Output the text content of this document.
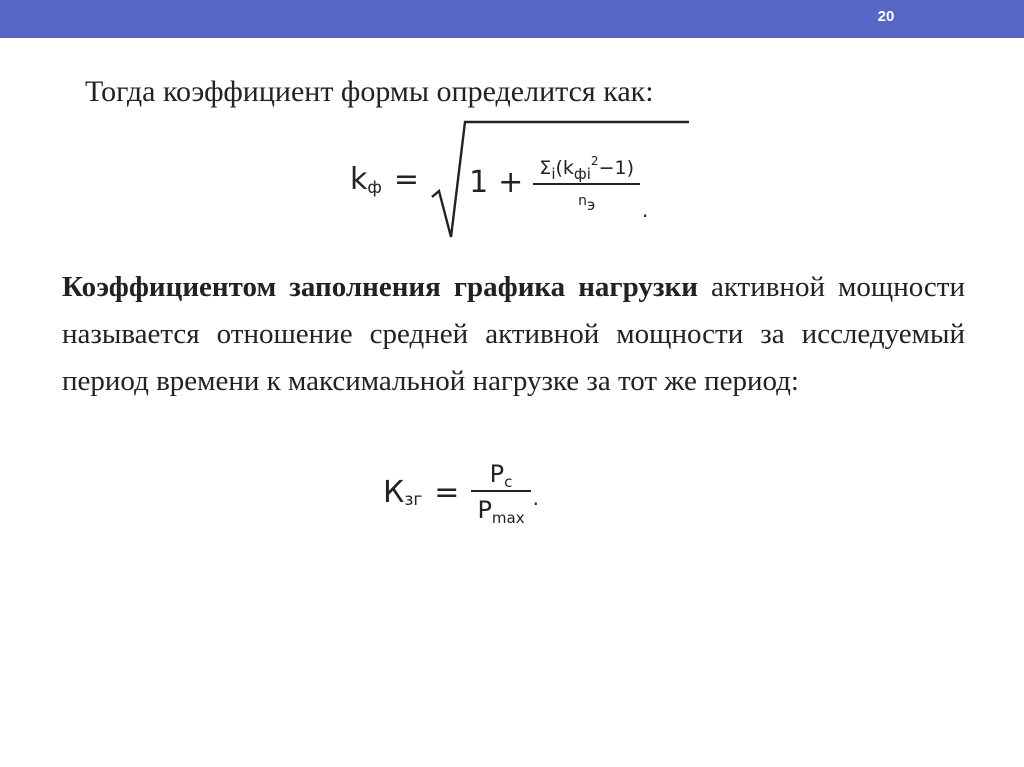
20

Тогда коэффициент формы определится как:

k $ф = 1 + \frac{\Sigma_i(k_{фi}^2-1)}{nэ}$
.

Коэффициентом заполнения графика нагрузки активной мощности называется отношение средней активной мощности за исследуемый период времени к максимальной нагрузке за тот же период:

К зг = $\frac{P_c}{P_{max}}$ .
